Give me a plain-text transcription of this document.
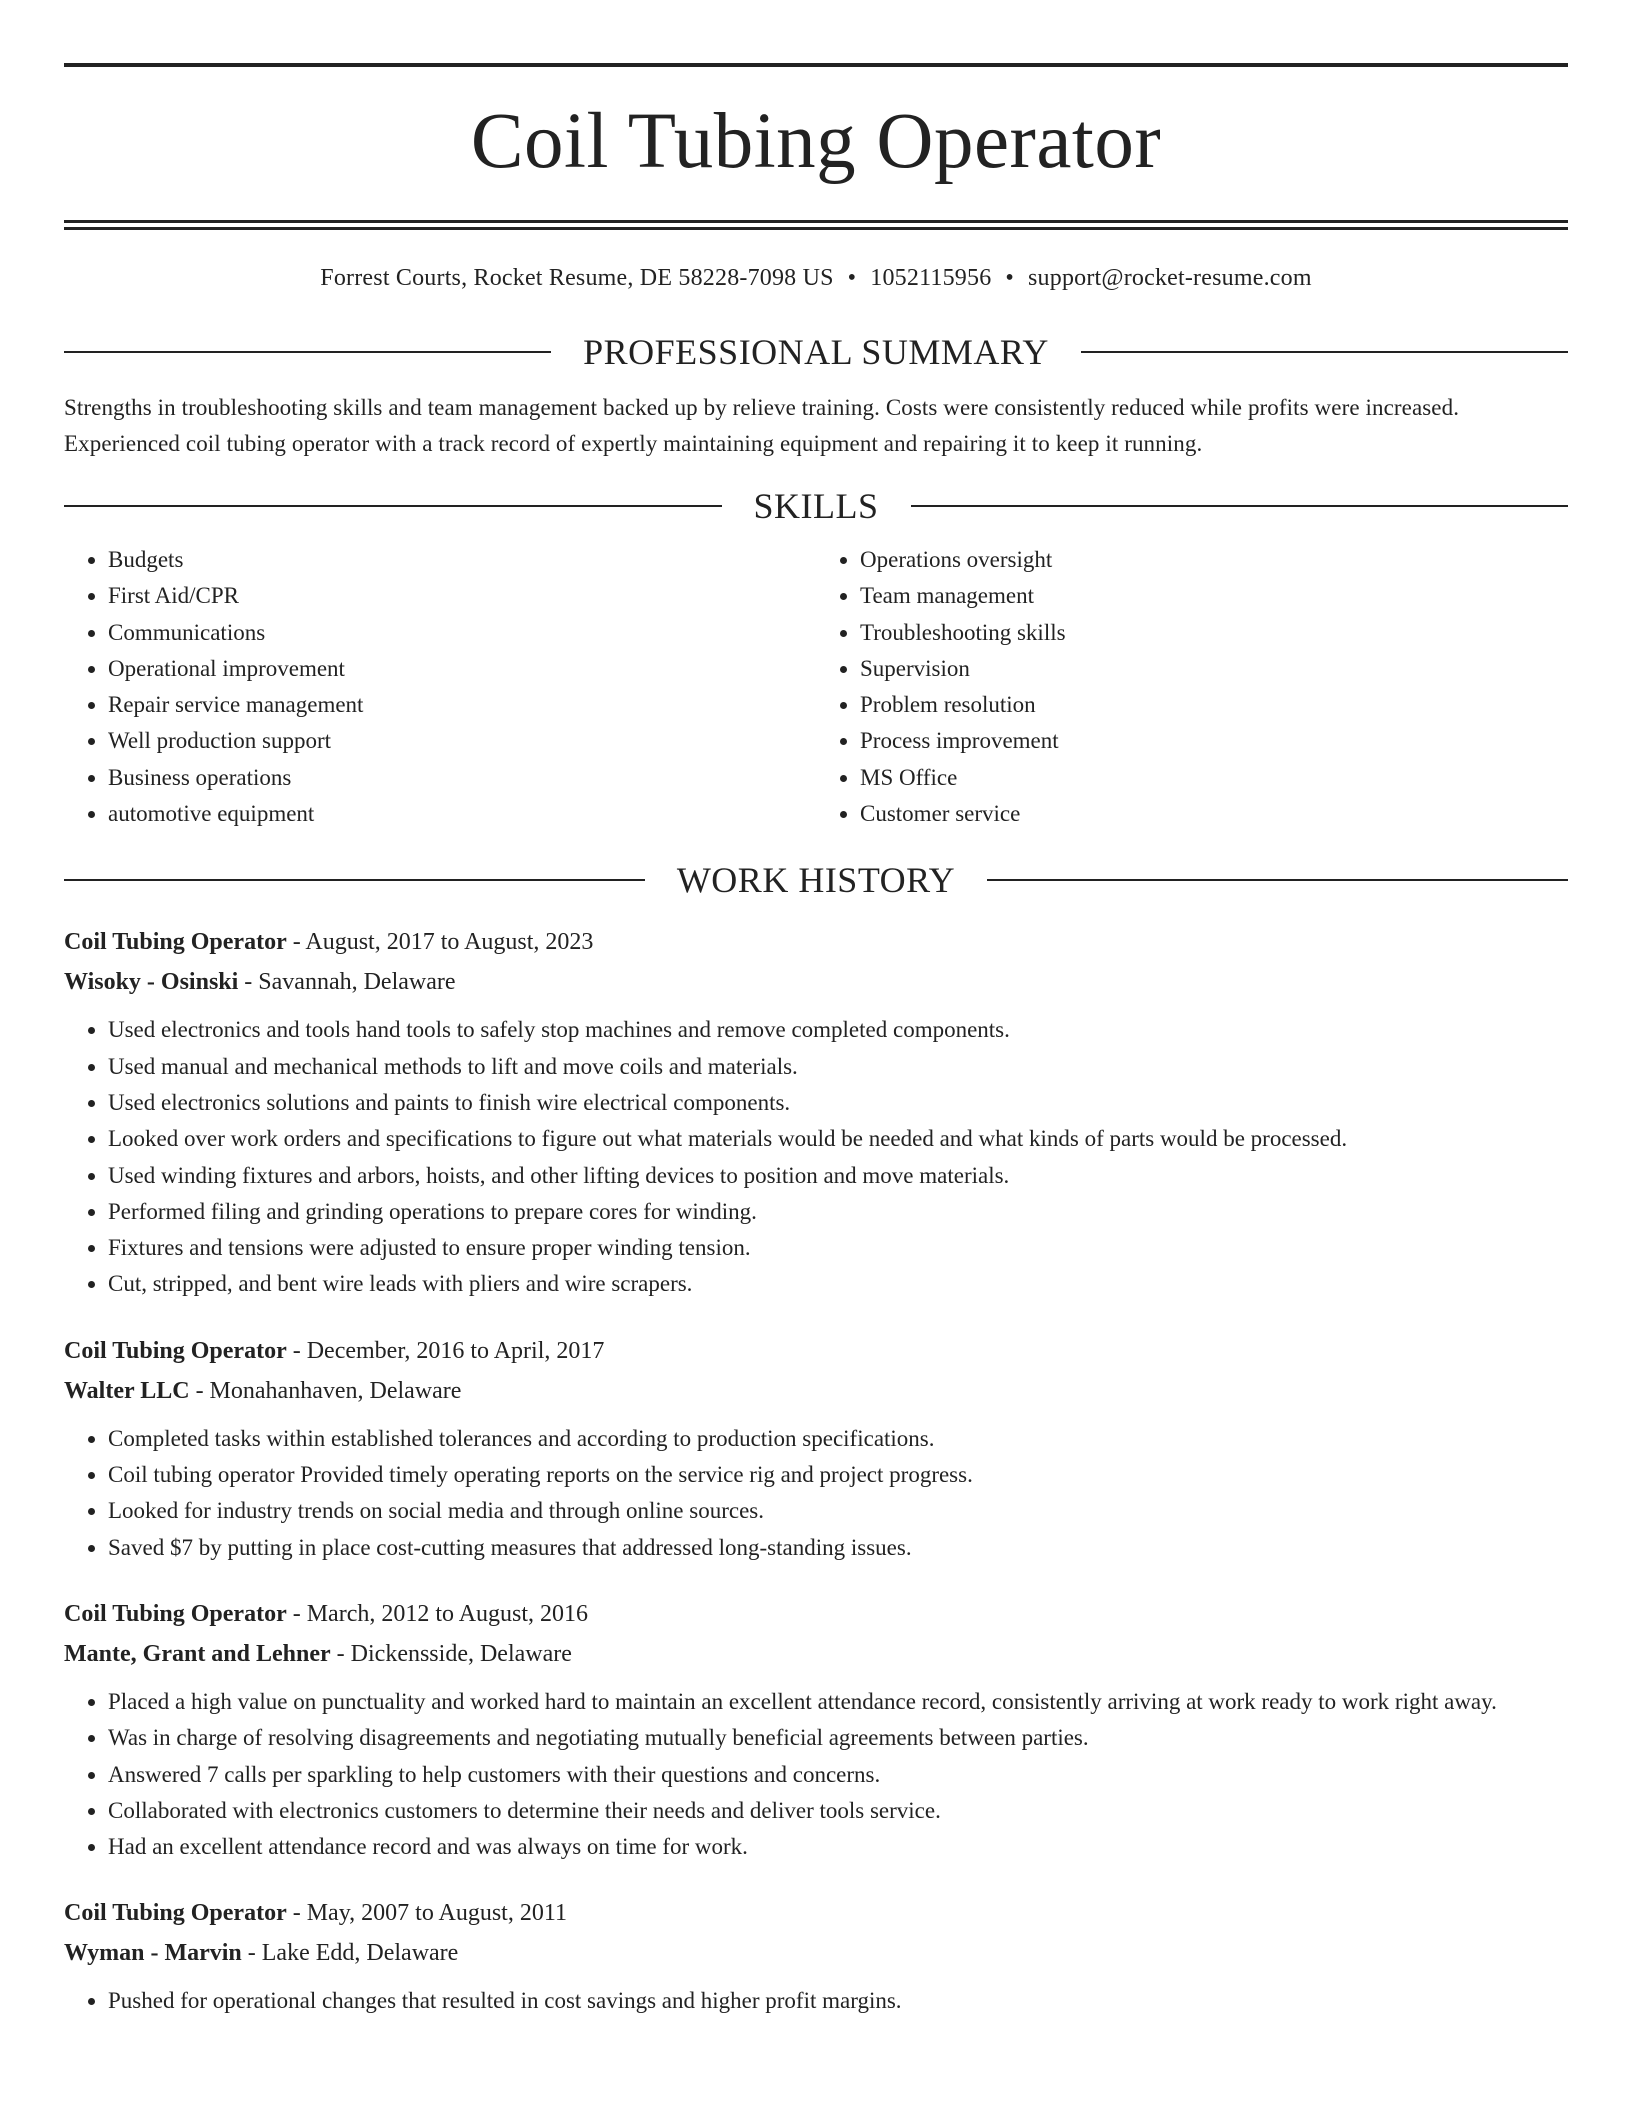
Coil Tubing Operator
Forrest Courts, Rocket Resume, DE 58228-7098 US • 1052115956 • support@rocket-resume.com
PROFESSIONAL SUMMARY

Strengths in troubleshooting skills and team management backed up by relieve training. Costs were consistently reduced while profits were increased. Experienced coil tubing operator with a track record of expertly maintaining equipment and repairing it to keep it running.

SKILLS
• Budgets
• First Aid/CPR
• Communications
• Operational improvement
• Repair service management
• Well production support
• Business operations
• automotive equipment
• Operations oversight
• Team management
• Troubleshooting skills
• Supervision
• Problem resolution
• Process improvement
• MS Office
• Customer service
WORK HISTORY
Coil Tubing Operator - August, 2017 to August, 2023
Wisoky - Osinski - Savannah, Delaware
• Used electronics and tools hand tools to safely stop machines and remove completed components.
• Used manual and mechanical methods to lift and move coils and materials.
• Used electronics solutions and paints to finish wire electrical components.
• Looked over work orders and specifications to figure out what materials would be needed and what kinds of parts would be processed.
• Used winding fixtures and arbors, hoists, and other lifting devices to position and move materials.
• Performed filing and grinding operations to prepare cores for winding.
• Fixtures and tensions were adjusted to ensure proper winding tension.
• Cut, stripped, and bent wire leads with pliers and wire scrapers.
Coil Tubing Operator - December, 2016 to April, 2017
Walter LLC - Monahanhaven, Delaware
• Completed tasks within established tolerances and according to production specifications.
• Coil tubing operator Provided timely operating reports on the service rig and project progress.
• Looked for industry trends on social media and through online sources.
• Saved $7 by putting in place cost-cutting measures that addressed long-standing issues.
Coil Tubing Operator - March, 2012 to August, 2016
Mante, Grant and Lehner - Dickensside, Delaware
• Placed a high value on punctuality and worked hard to maintain an excellent attendance record, consistently arriving at work ready to work right away.
• Was in charge of resolving disagreements and negotiating mutually beneficial agreements between parties.
• Answered 7 calls per sparkling to help customers with their questions and concerns.
• Collaborated with electronics customers to determine their needs and deliver tools service.
• Had an excellent attendance record and was always on time for work.
Coil Tubing Operator - May, 2007 to August, 2011
Wyman - Marvin - Lake Edd, Delaware
• Pushed for operational changes that resulted in cost savings and higher profit margins.
